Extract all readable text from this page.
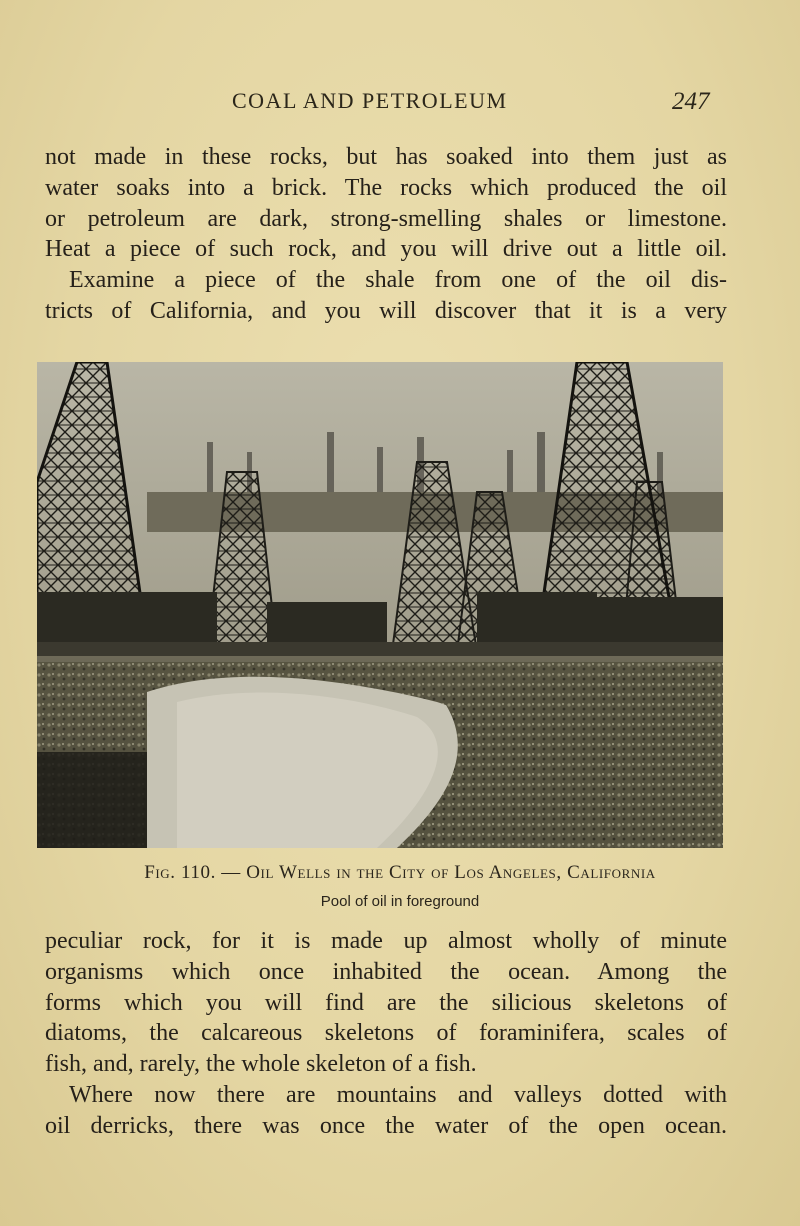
COAL AND PETROLEUM	247
not made in these rocks, but has soaked into them just as
water soaks into a brick. The rocks which produced the oil
or petroleum are dark, strong-smelling shales or limestone.
Heat a piece of such rock, and you will drive out a little oil.
Examine a piece of the shale from one of the oil dis-
tricts of California, and you will discover that it is a very
Fig. 110. — Oil Wells in the City of Los Angeles, California
Pool of oil in foreground
peculiar rock, for it is made up almost wholly of minute
organisms which once inhabited the ocean. Among the
forms which you will find are the silicious skeletons of
diatoms, the calcareous skeletons of foraminifera, scales of
fish, and, rarely, the whole skeleton of a fish.
Where now there are mountains and valleys dotted with
oil derricks, there was once the water of the open ocean.
